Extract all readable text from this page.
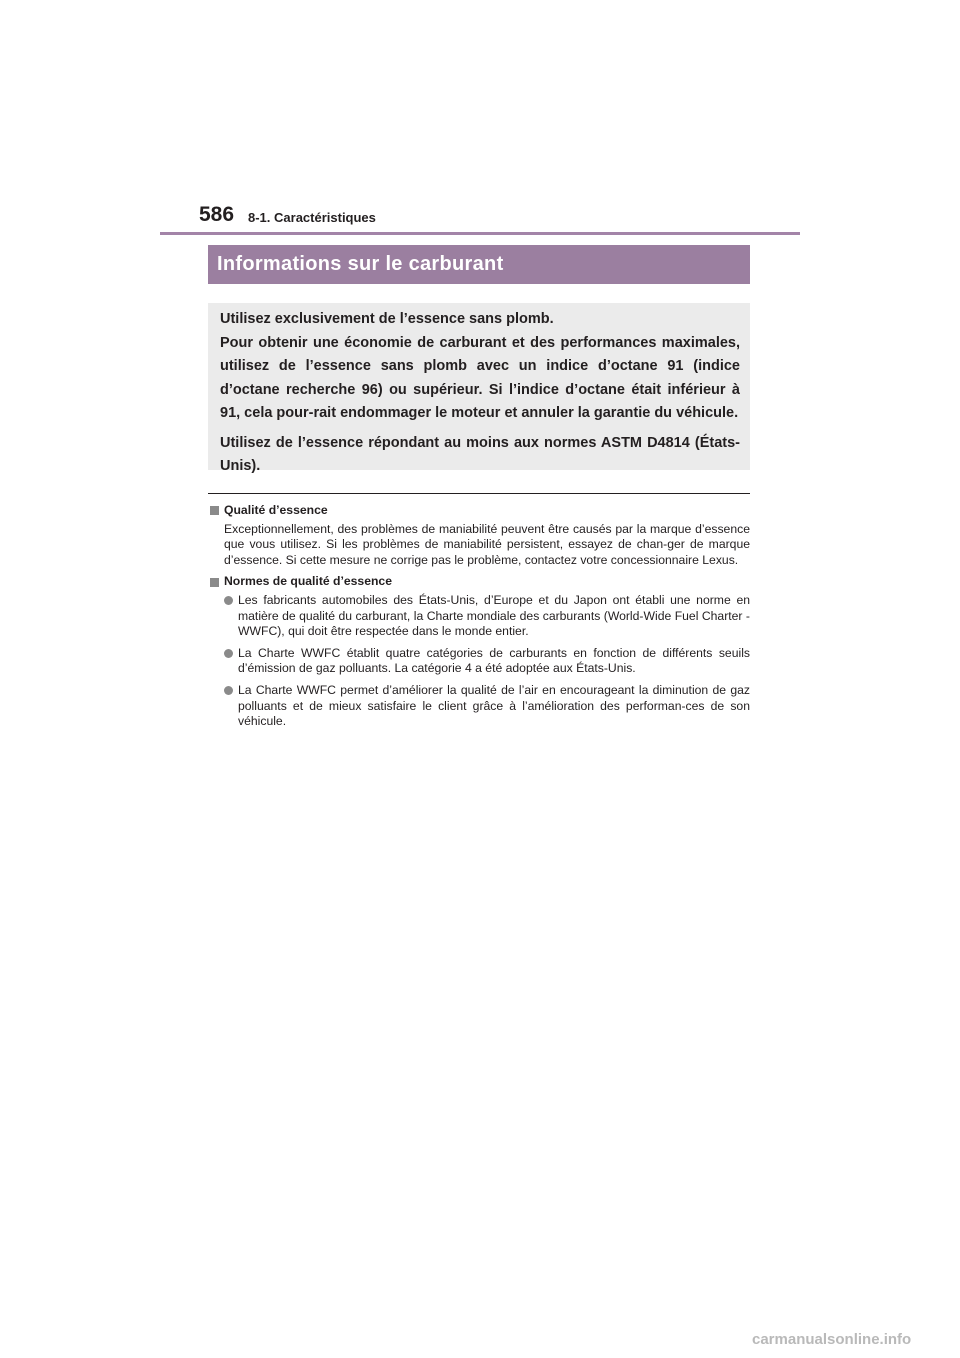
586 8-1. Caractéristiques
Informations sur le carburant

Utilisez exclusivement de l’essence sans plomb.

Pour obtenir une économie de carburant et des performances maximales, utilisez de l’essence sans plomb avec un indice d’octane 91 (indice d’octane recherche 96) ou supérieur. Si l’indice d’octane était inférieur à 91, cela pour-rait endommager le moteur et annuler la garantie du véhicule.

Utilisez de l’essence répondant au moins aux normes ASTM D4814 (États-Unis).

Qualité d’essence

Exceptionnellement, des problèmes de maniabilité peuvent être causés par la marque d’essence que vous utilisez. Si les problèmes de maniabilité persistent, essayez de chan-ger de marque d’essence. Si cette mesure ne corrige pas le problème, contactez votre concessionnaire Lexus.

Normes de qualité d’essence
Les fabricants automobiles des États-Unis, d’Europe et du Japon ont établi une norme en matière de qualité du carburant, la Charte mondiale des carburants (World-Wide Fuel Charter - WWFC), qui doit être respectée dans le monde entier.
La Charte WWFC établit quatre catégories de carburants en fonction de différents seuils d’émission de gaz polluants. La catégorie 4 a été adoptée aux États-Unis.
La Charte WWFC permet d’améliorer la qualité de l’air en encourageant la diminution de gaz polluants et de mieux satisfaire le client grâce à l’amélioration des performan-ces de son véhicule.
carmanualsonline.info
